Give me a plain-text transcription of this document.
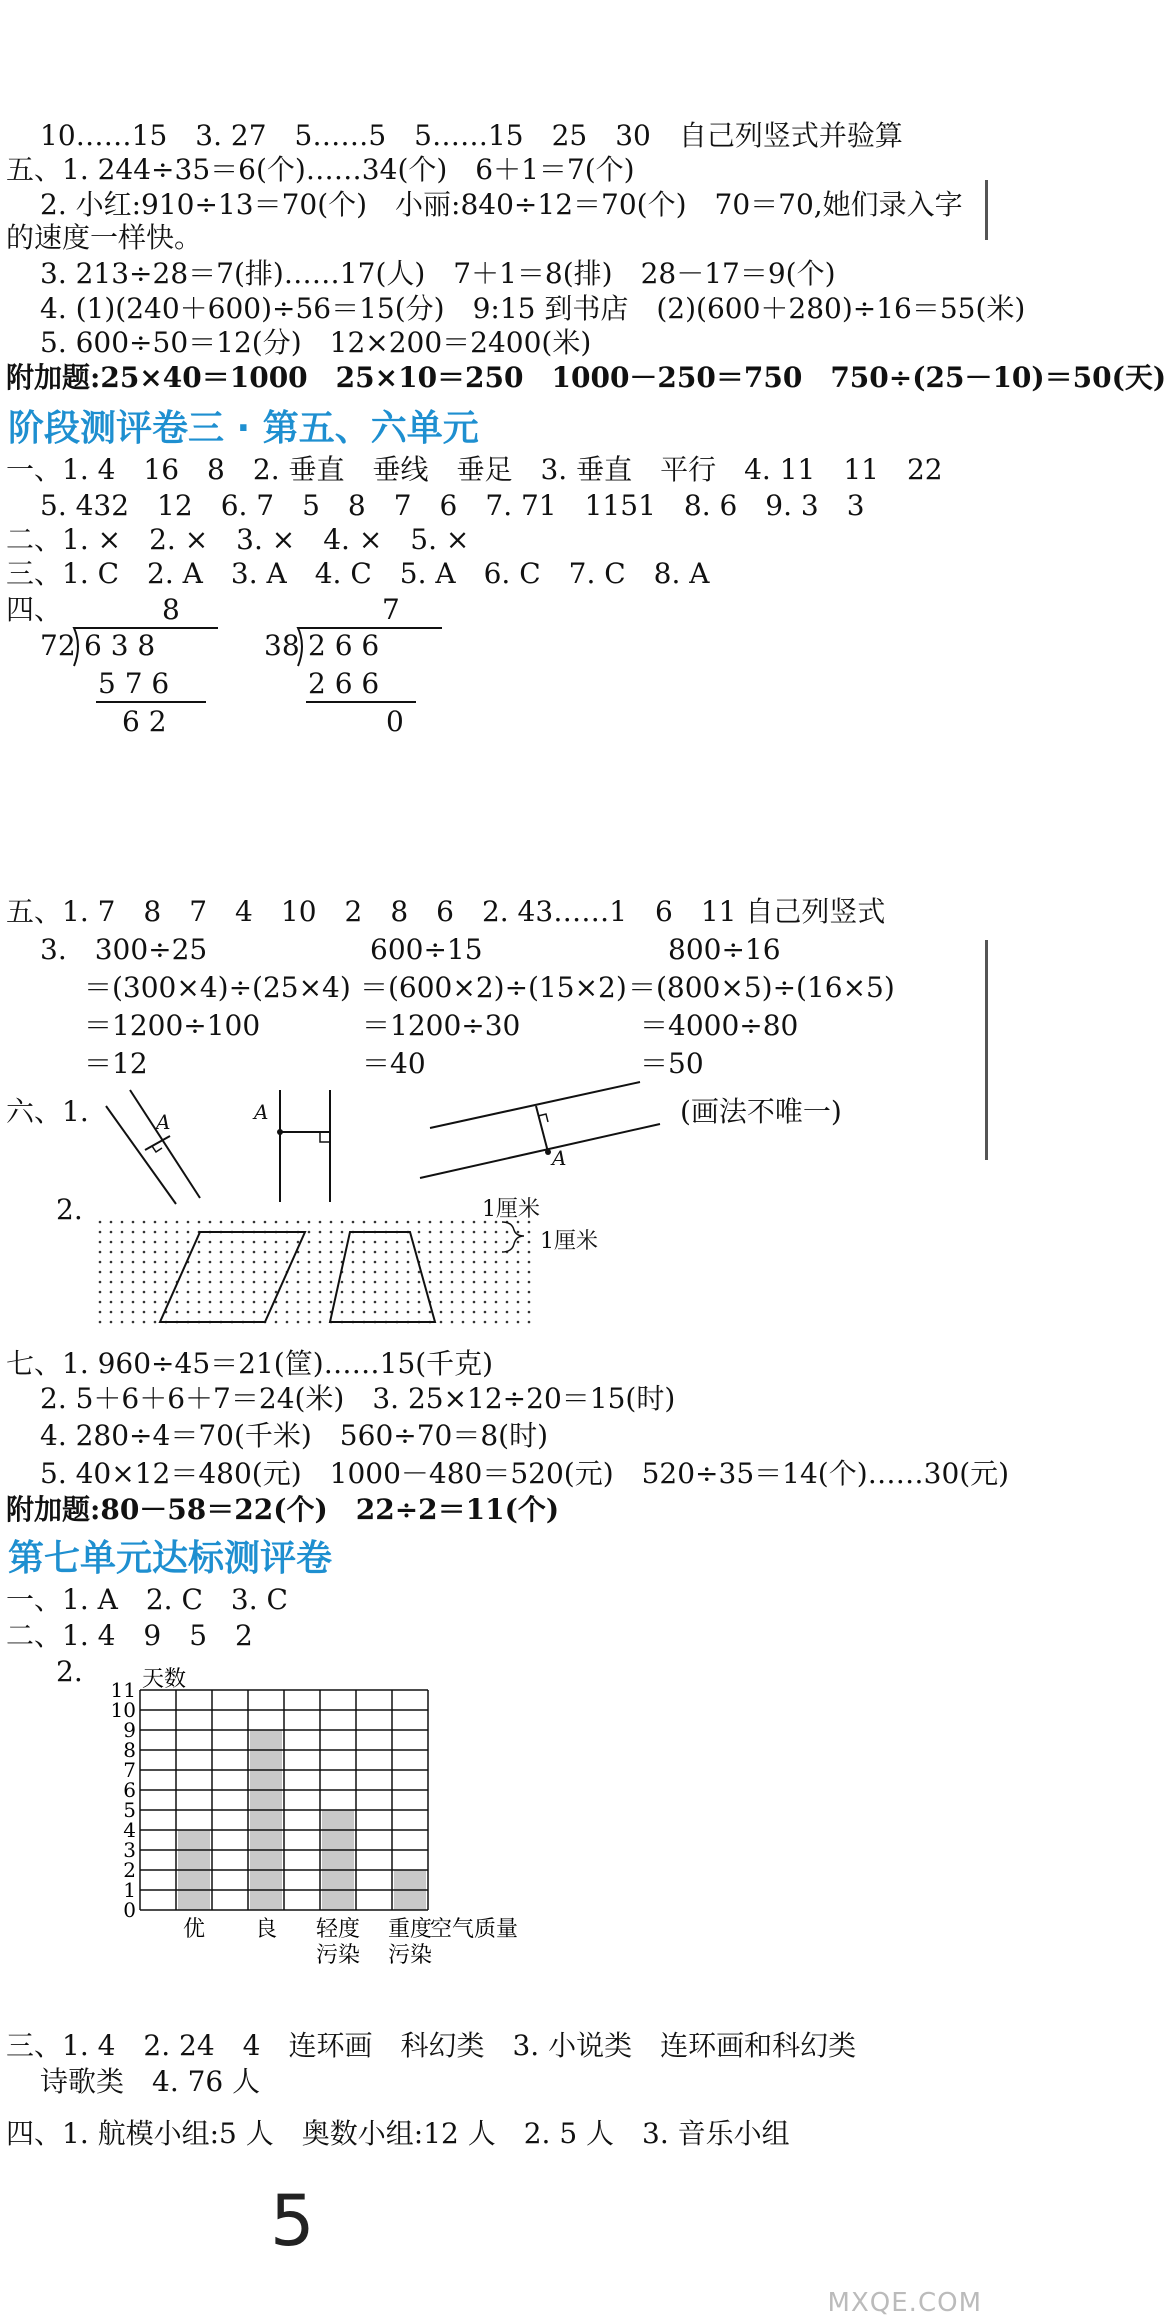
10……15　3. 27　5……5　5……15　25　30　自己列竖式并验算
五、1. 244÷35＝6(个)……34(个)　6＋1＝7(个)
2. 小红:910÷13＝70(个)　小丽:840÷12＝70(个)　70＝70,她们录入字
的速度一样快。
3. 213÷28＝7(排)……17(人)　7＋1＝8(排)　28－17＝9(个)
4. (1)(240＋600)÷56＝15(分)　9:15 到书店　(2)(600＋280)÷16＝55(米)
5. 600÷50＝12(分)　12×200＝2400(米)
附加题:25×40＝1000　25×10＝250　1000－250＝750　750÷(25－10)＝50(天)
阶段测评卷三 · 第五、六单元
一、1. 4　16　8　2. 垂直　垂线　垂足　3. 垂直　平行　4. 11　11　22
5. 432　12　6. 7　5　8　7　6　7. 71　1151　8. 6　9. 3　3
二、1. ×　2. ×　3. ×　4. ×　5. ×
三、1. C　2. A　3. A　4. C　5. A　6. C　7. C　8. A
四、	8
72 6 3 8
5 7 6
6 2
7
38 2 6 6
2 6 6
0
五、1. 7　8　7　4　10　2　8　6　2. 43……1　6　11 自己列竖式
3.　300÷25
＝(300×4)÷(25×4)
＝1200÷100
＝12
600÷15
＝(600×2)÷(15×2)
＝1200÷30
＝40
800÷16
＝(800×5)÷(16×5)
＝4000÷80
＝50
六、1.	A	A
A
(画法不唯一)
2.	1厘米
1厘米
七、1. 960÷45＝21(筐)……15(千克)
2. 5＋6＋6＋7＝24(米)　3. 25×12÷20＝15(时)
4. 280÷4＝70(千米)　560÷70＝8(时)
5. 40×12＝480(元)　1000－480＝520(元)　520÷35＝14(个)……30(元)
附加题:80－58＝22(个)　22÷2＝11(个)
第七单元达标测评卷
一、1. A　2. C　3. C
二、1. 4　9　5　2
2.
0
1
2
3
4
5
6
7
8
9
10
11 天数
优 良 轻度
污染
重度
污染
空气质量
三、1. 4　2. 24　4　连环画　科幻类　3. 小说类　连环画和科幻类
诗歌类　4. 76 人
四、1. 航模小组:5 人　奥数小组:12 人　2. 5 人　3. 音乐小组
5
MXQE.COM
